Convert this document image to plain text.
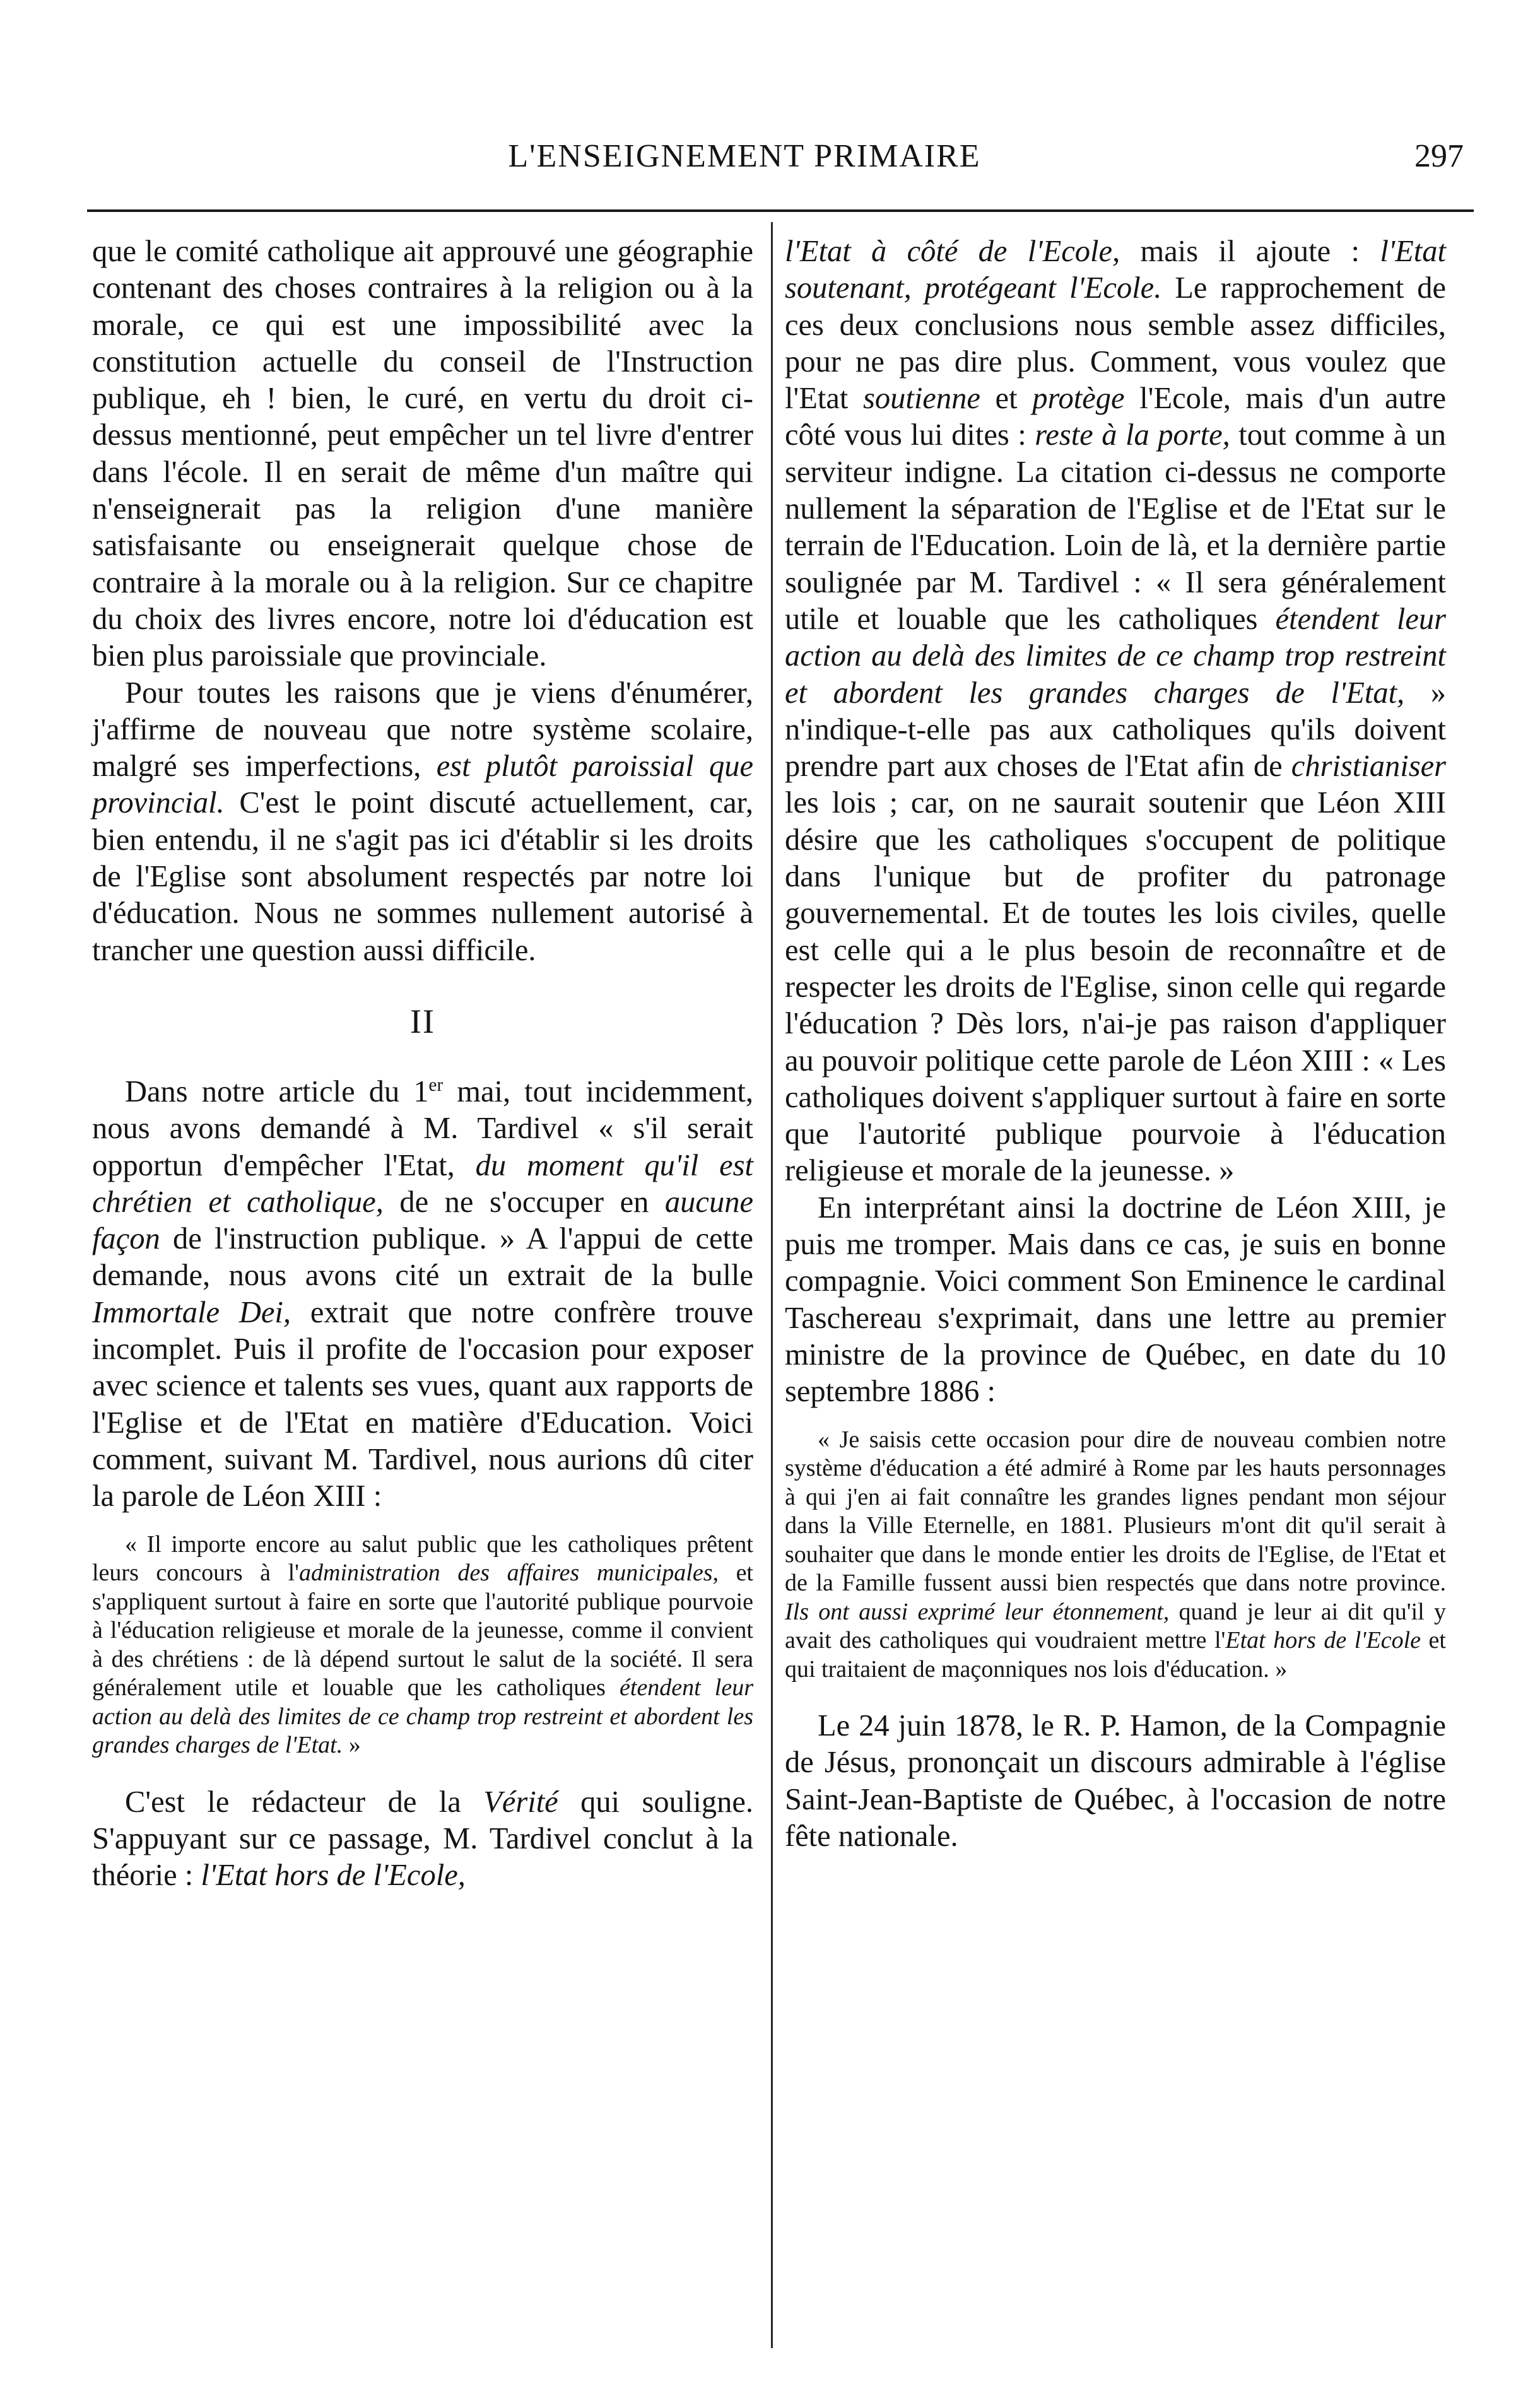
L'ENSEIGNEMENT PRIMAIRE	297

que le comité catholique ait approuvé une géographie contenant des choses contraires à la religion ou à la morale, ce qui est une impossibilité avec la constitution actuelle du conseil de l'Instruction publique, eh ! bien, le curé, en vertu du droit ci-dessus mentionné, peut empêcher un tel livre d'entrer dans l'école. Il en serait de même d'un maître qui n'enseignerait pas la religion d'une manière satisfaisante ou enseignerait quelque chose de contraire à la morale ou à la religion. Sur ce chapitre du choix des livres encore, notre loi d'éducation est bien plus paroissiale que provinciale.

Pour toutes les raisons que je viens d'énumérer, j'affirme de nouveau que notre système scolaire, malgré ses imperfections, est plutôt paroissial que provincial. C'est le point discuté actuellement, car, bien entendu, il ne s'agit pas ici d'établir si les droits de l'Eglise sont absolument respectés par notre loi d'éducation. Nous ne sommes nullement autorisé à trancher une question aussi difficile.

II

Dans notre article du 1er mai, tout incidemment, nous avons demandé à M. Tardivel « s'il serait opportun d'empêcher l'Etat, du moment qu'il est chrétien et catholique, de ne s'occuper en aucune façon de l'instruction publique. » A l'appui de cette demande, nous avons cité un extrait de la bulle Immortale Dei, extrait que notre confrère trouve incomplet. Puis il profite de l'occasion pour exposer avec science et talents ses vues, quant aux rapports de l'Eglise et de l'Etat en matière d'Education. Voici comment, suivant M. Tardivel, nous aurions dû citer la parole de Léon XIII :

« Il importe encore au salut public que les catholiques prêtent leurs concours à l'administration des affaires municipales, et s'appliquent surtout à faire en sorte que l'autorité publique pourvoie à l'éducation religieuse et morale de la jeunesse, comme il convient à des chrétiens : de là dépend surtout le salut de la société. Il sera généralement utile et louable que les catholiques étendent leur action au delà des limites de ce champ trop restreint et abordent les grandes charges de l'Etat. »

C'est le rédacteur de la Vérité qui souligne. S'appuyant sur ce passage, M. Tardivel conclut à la théorie : l'Etat hors de l'Ecole,

l'Etat à côté de l'Ecole, mais il ajoute : l'Etat soutenant, protégeant l'Ecole. Le rapprochement de ces deux conclusions nous semble assez difficiles, pour ne pas dire plus. Comment, vous voulez que l'Etat soutienne et protège l'Ecole, mais d'un autre côté vous lui dites : reste à la porte, tout comme à un serviteur indigne. La citation ci-dessus ne comporte nullement la séparation de l'Eglise et de l'Etat sur le terrain de l'Education. Loin de là, et la dernière partie soulignée par M. Tardivel : « Il sera généralement utile et louable que les catholiques étendent leur action au delà des limites de ce champ trop restreint et abordent les grandes charges de l'Etat, » n'indique-t-elle pas aux catholiques qu'ils doivent prendre part aux choses de l'Etat afin de christianiser les lois ; car, on ne saurait soutenir que Léon XIII désire que les catholiques s'occupent de politique dans l'unique but de profiter du patronage gouvernemental. Et de toutes les lois civiles, quelle est celle qui a le plus besoin de reconnaître et de respecter les droits de l'Eglise, sinon celle qui regarde l'éducation ? Dès lors, n'ai-je pas raison d'appliquer au pouvoir politique cette parole de Léon XIII : « Les catholiques doivent s'appliquer surtout à faire en sorte que l'autorité publique pourvoie à l'éducation religieuse et morale de la jeunesse. »

En interprétant ainsi la doctrine de Léon XIII, je puis me tromper. Mais dans ce cas, je suis en bonne compagnie. Voici comment Son Eminence le cardinal Taschereau s'exprimait, dans une lettre au premier ministre de la province de Québec, en date du 10 septembre 1886 :

« Je saisis cette occasion pour dire de nouveau combien notre système d'éducation a été admiré à Rome par les hauts personnages à qui j'en ai fait connaître les grandes lignes pendant mon séjour dans la Ville Eternelle, en 1881. Plusieurs m'ont dit qu'il serait à souhaiter que dans le monde entier les droits de l'Eglise, de l'Etat et de la Famille fussent aussi bien respectés que dans notre province. Ils ont aussi exprimé leur étonnement, quand je leur ai dit qu'il y avait des catholiques qui voudraient mettre l'Etat hors de l'Ecole et qui traitaient de maçonniques nos lois d'éducation. »

Le 24 juin 1878, le R. P. Hamon, de la Compagnie de Jésus, prononçait un discours admirable à l'église Saint-Jean-Baptiste de Québec, à l'occasion de notre fête nationale.
